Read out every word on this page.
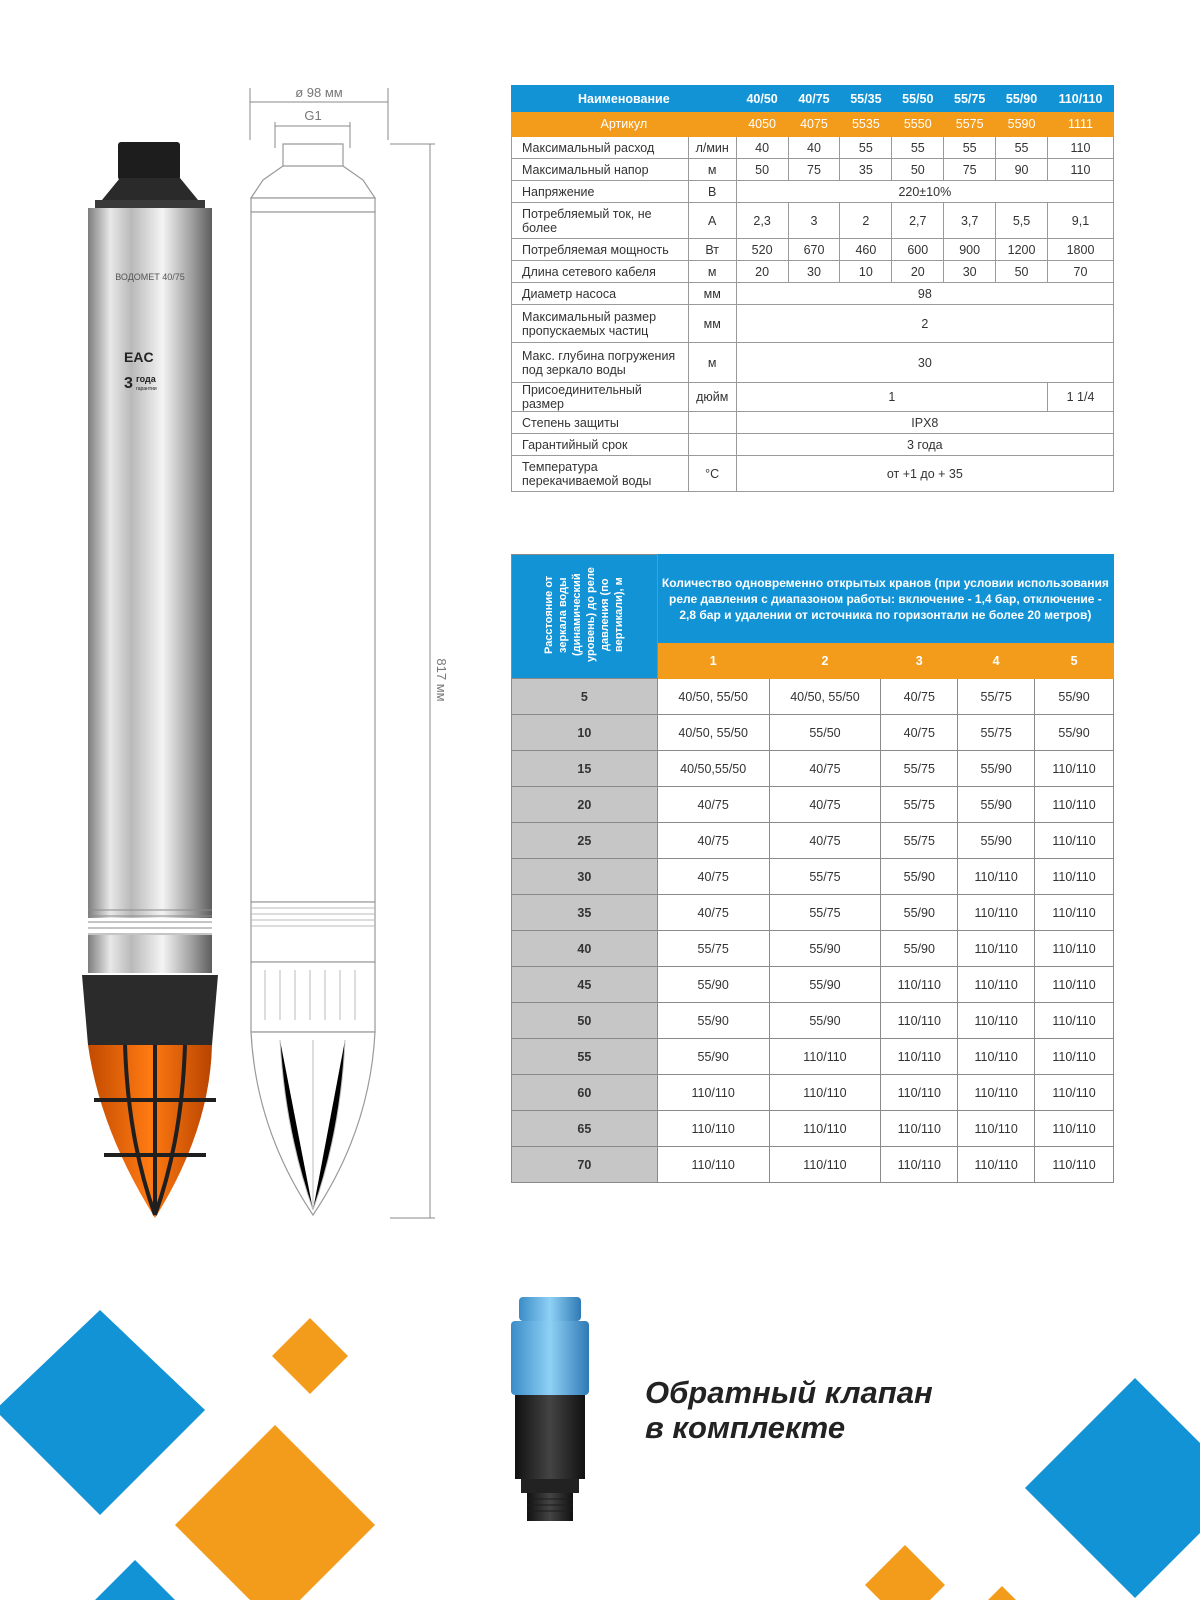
ВОДОМЕТ 40/75
EAC
3 года
гарантии
ø 98 мм
G1
817 мм
Наименование		40/50	40/75	55/35	55/50	55/75	55/90	110/110
Артикул		4050	4075	5535	5550	5575	5590	1111
Максимальный расход	л/мин	40	40	55	55	55	55	110
Максимальный напор	м	50	75	35	50	75	90	110
Напряжение	В	220±10%						
Потребляемый ток, не более	А	2,3	3	2	2,7	3,7	5,5	9,1
Потребляемая мощность	Вт	520	670	460	600	900	1200	1800
Длина сетевого кабеля	м	20	30	10	20	30	50	70
Диаметр насоса	мм	98						
Максимальный размер пропускаемых частиц	мм	2						
Макс. глубина погружения под зеркало воды	м	30						
Присоединительный размер	дюйм	1						1 1/4
Степень защиты		IPX8						
Гарантийный срок		3 года						
Температура перекачиваемой воды	°С	от +1 до + 35						
Расстояние от зеркала воды (динамический уровень) до реле давления (по вертикали), м	Количество одновременно открытых кранов (при условии использования реле давления с диапазоном работы: включение - 1,4 бар, отключение - 2,8 бар и удалении от источника по горизонтали не более 20 метров)				
	1	2	3	4	5
5	40/50, 55/50	40/50, 55/50	40/75	55/75	55/90
10	40/50, 55/50	55/50	40/75	55/75	55/90
15	40/50,55/50	40/75	55/75	55/90	110/110
20	40/75	40/75	55/75	55/90	110/110
25	40/75	40/75	55/75	55/90	110/110
30	40/75	55/75	55/90	110/110	110/110
35	40/75	55/75	55/90	110/110	110/110
40	55/75	55/90	55/90	110/110	110/110
45	55/90	55/90	110/110	110/110	110/110
50	55/90	55/90	110/110	110/110	110/110
55	55/90	110/110	110/110	110/110	110/110
60	110/110	110/110	110/110	110/110	110/110
65	110/110	110/110	110/110	110/110	110/110
70	110/110	110/110	110/110	110/110	110/110
Обратный клапан
в комплекте
